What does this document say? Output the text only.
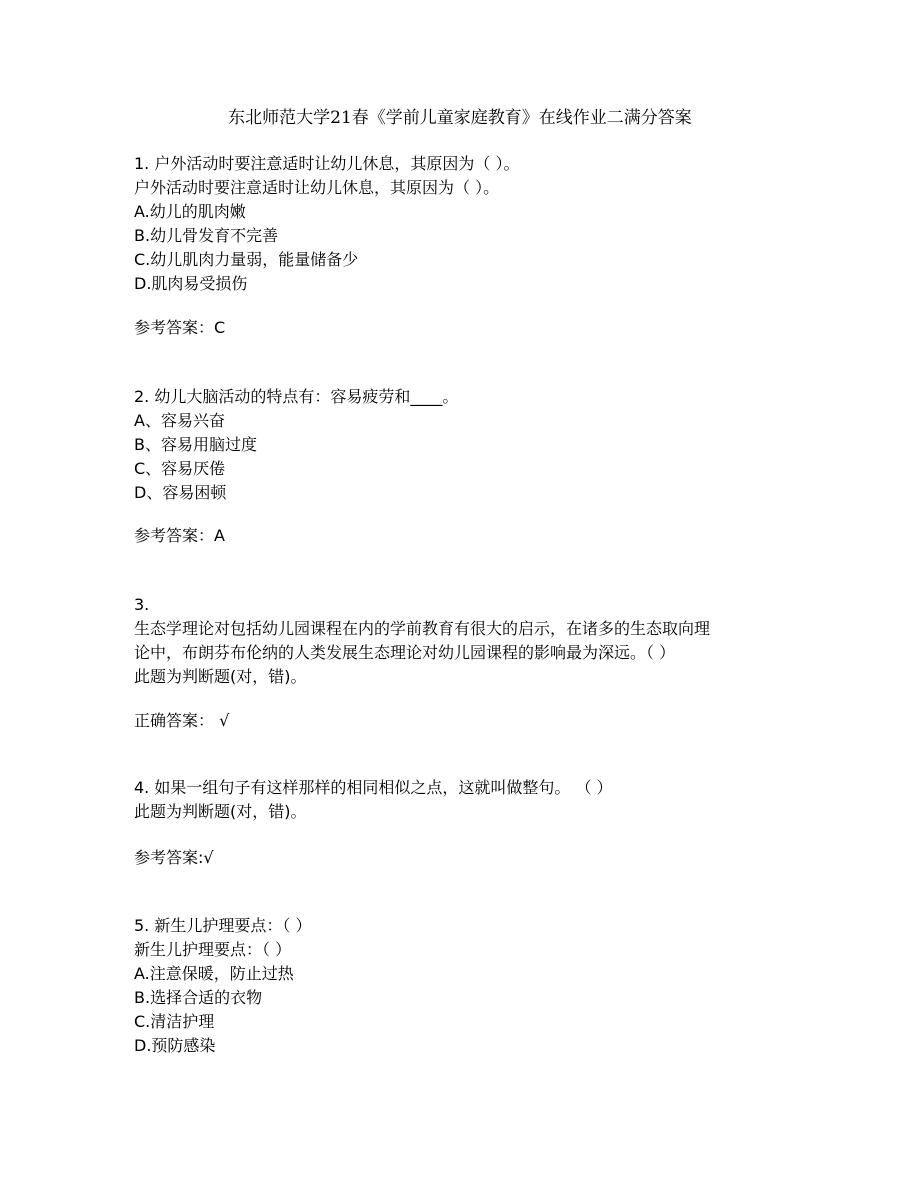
东北师范大学21春《学前儿童家庭教育》在线作业二满分答案
1. 户外活动时要注意适时让幼儿休息，其原因为（ ）。
户外活动时要注意适时让幼儿休息，其原因为（ ）。
A.幼儿的肌肉嫩
B.幼儿骨发育不完善
C.幼儿肌肉力量弱，能量储备少
D.肌肉易受损伤
参考答案：C
2. 幼儿大脑活动的特点有：容易疲劳和____。
A、容易兴奋
B、容易用脑过度
C、容易厌倦
D、容易困顿
参考答案：A
3.
生态学理论对包括幼儿园课程在内的学前教育有很大的启示，在诸多的生态取向理
论中，布朗芬布伦纳的人类发展生态理论对幼儿园课程的影响最为深远。（ ）
此题为判断题(对，错)。
正确答案： √
4. 如果一组句子有这样那样的相同相似之点，这就叫做整句。 （ ）
此题为判断题(对，错)。
参考答案:√
5. 新生儿护理要点：（ ）
新生儿护理要点：（ ）
A.注意保暖，防止过热
B.选择合适的衣物
C.清洁护理
D.预防感染
